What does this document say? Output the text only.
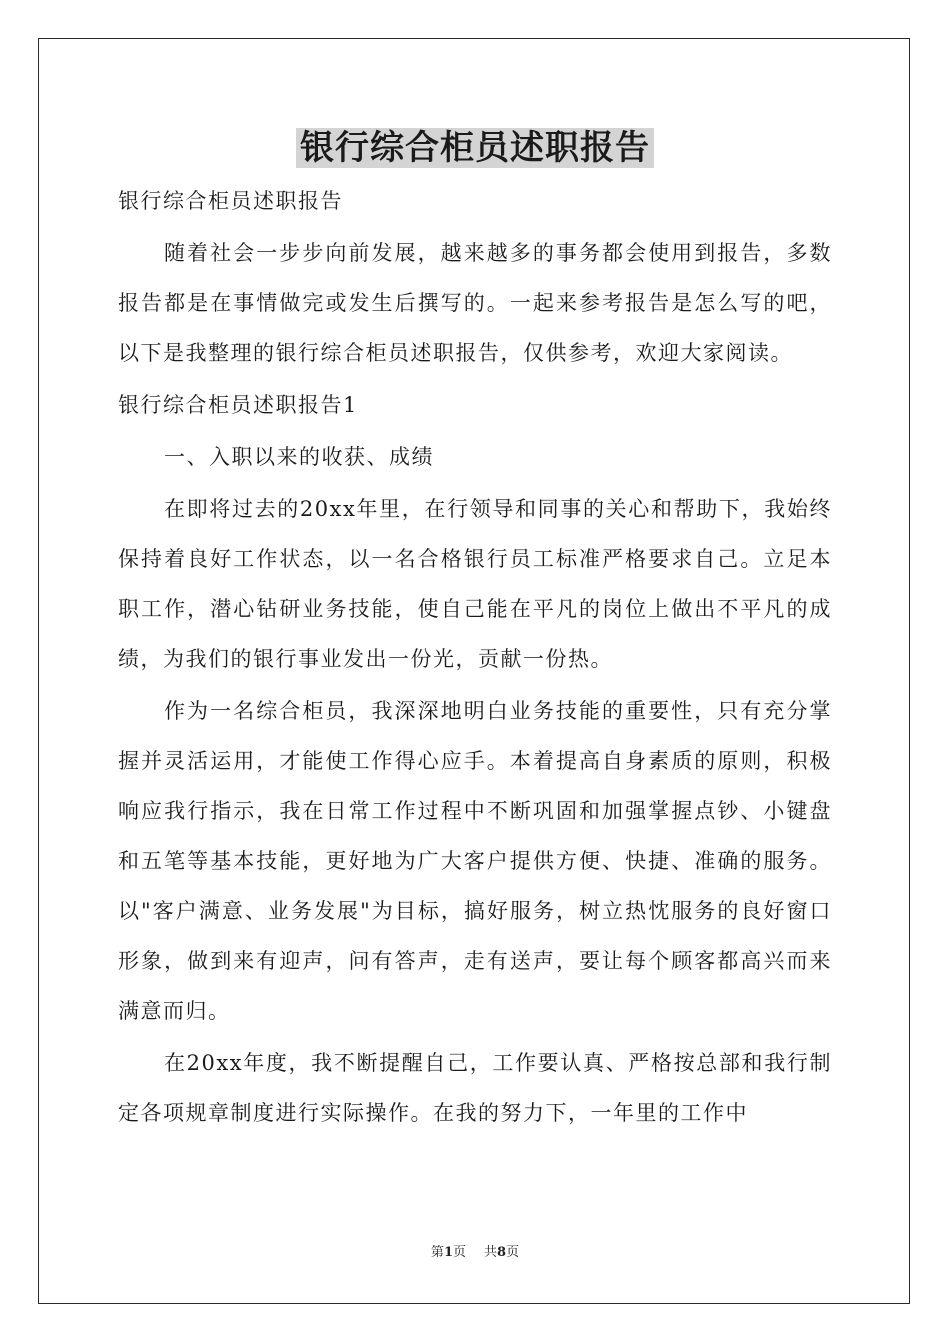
银行综合柜员述职报告

银行综合柜员述职报告

随着社会一步步向前发展，越来越多的事务都会使用到报告，多数报告都是在事情做完或发生后撰写的。一起来参考报告是怎么写的吧，以下是我整理的银行综合柜员述职报告，仅供参考，欢迎大家阅读。

银行综合柜员述职报告1

一、入职以来的收获、成绩

在即将过去的20xx年里，在行领导和同事的关心和帮助下，我始终保持着良好工作状态，以一名合格银行员工标准严格要求自己。立足本职工作，潜心钻研业务技能，使自己能在平凡的岗位上做出不平凡的成绩，为我们的银行事业发出一份光，贡献一份热。

作为一名综合柜员，我深深地明白业务技能的重要性，只有充分掌握并灵活运用，才能使工作得心应手。本着提高自身素质的原则，积极响应我行指示，我在日常工作过程中不断巩固和加强掌握点钞、小键盘和五笔等基本技能，更好地为广大客户提供方便、快捷、准确的服务。以"客户满意、业务发展"为目标，搞好服务，树立热忱服务的良好窗口形象，做到来有迎声，问有答声，走有送声，要让每个顾客都高兴而来满意而归。

在20xx年度，我不断提醒自己，工作要认真、严格按总部和我行制定各项规章制度进行实际操作。在我的努力下，一年里的工作中

第1页 共8页
